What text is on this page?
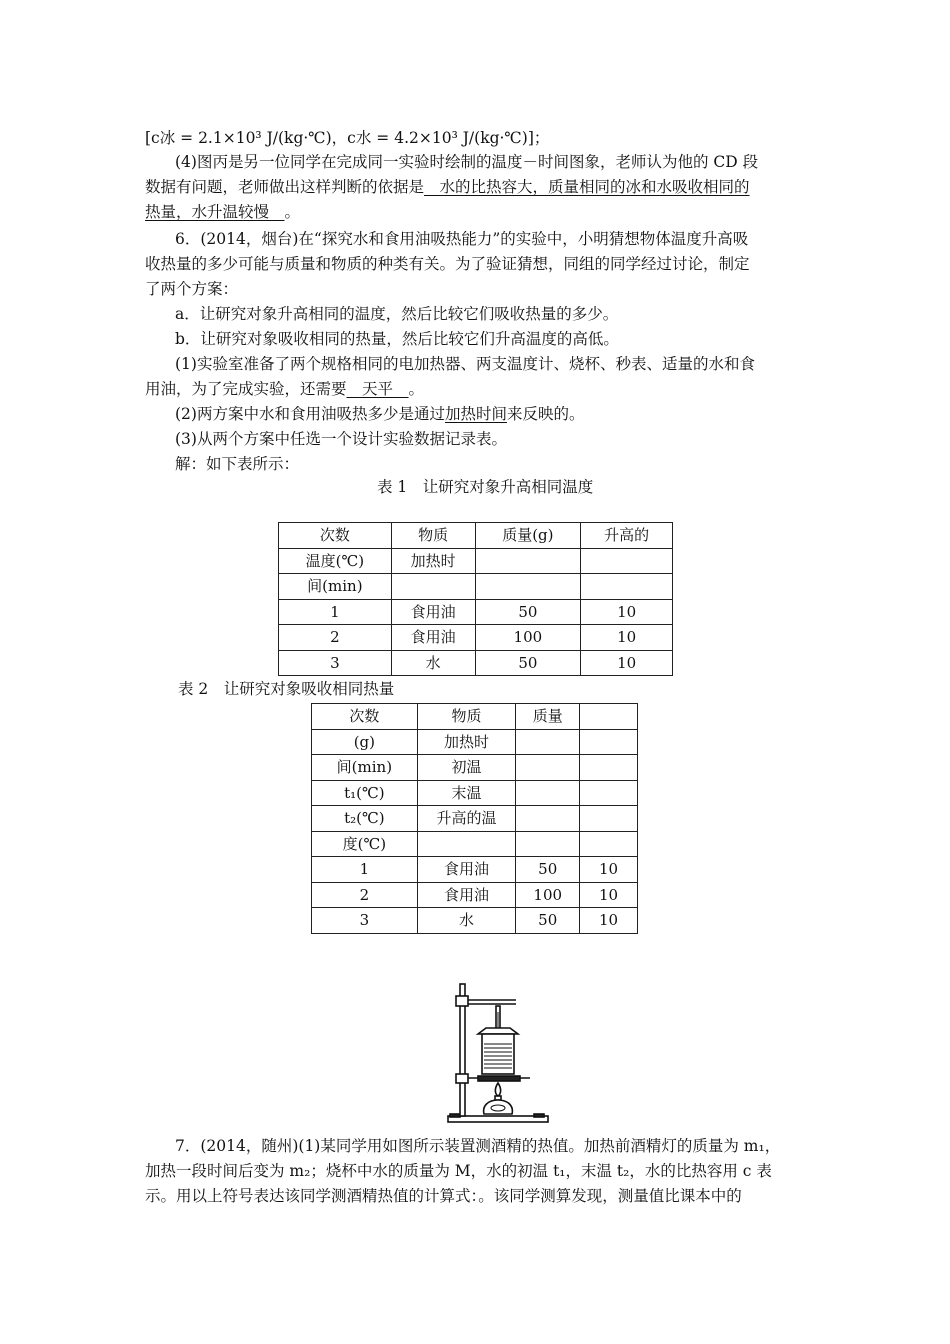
[c冰 = 2.1×10³ J/(kg·℃)，c水 = 4.2×10³ J/(kg·℃)]；
(4)图丙是另一位同学在完成同一实验时绘制的温度－时间图象，老师认为他的 CD 段
数据有问题，老师做出这样判断的依据是　水的比热容大，质量相同的冰和水吸收相同的
热量，水升温较慢　。
6．(2014，烟台)在“探究水和食用油吸热能力”的实验中，小明猜想物体温度升高吸
收热量的多少可能与质量和物质的种类有关。为了验证猜想，同组的同学经过讨论，制定
了两个方案：
a．让研究对象升高相同的温度，然后比较它们吸收热量的多少。
b．让研究对象吸收相同的热量，然后比较它们升高温度的高低。
(1)实验室准备了两个规格相同的电加热器、两支温度计、烧杯、秒表、适量的水和食
用油，为了完成实验，还需要　天平　。
(2)两方案中水和食用油吸热多少是通过加热时间来反映的。
(3)从两个方案中任选一个设计实验数据记录表。
解：如下表所示：
表 1　让研究对象升高相同温度
次数	物质	质量(g)	升高的
温度(℃)	加热时		
间(min)			
1	食用油	50	10
2	食用油	100	10
3	水	50	10
表 2　让研究对象吸收相同热量
次数	物质	质量	
(g)	加热时		
间(min)	初温		
t₁(℃)	末温		
t₂(℃)	升高的温		
度(℃)			
1	食用油	50	10
2	食用油	100	10
3	水	50	10
7．(2014，随州)(1)某同学用如图所示装置测酒精的热值。加热前酒精灯的质量为 m₁，
加热一段时间后变为 m₂；烧杯中水的质量为 M，水的初温 t₁，末温 t₂，水的比热容用 c 表
示。用以上符号表达该同学测酒精热值的计算式：。该同学测算发现，测量值比课本中的
